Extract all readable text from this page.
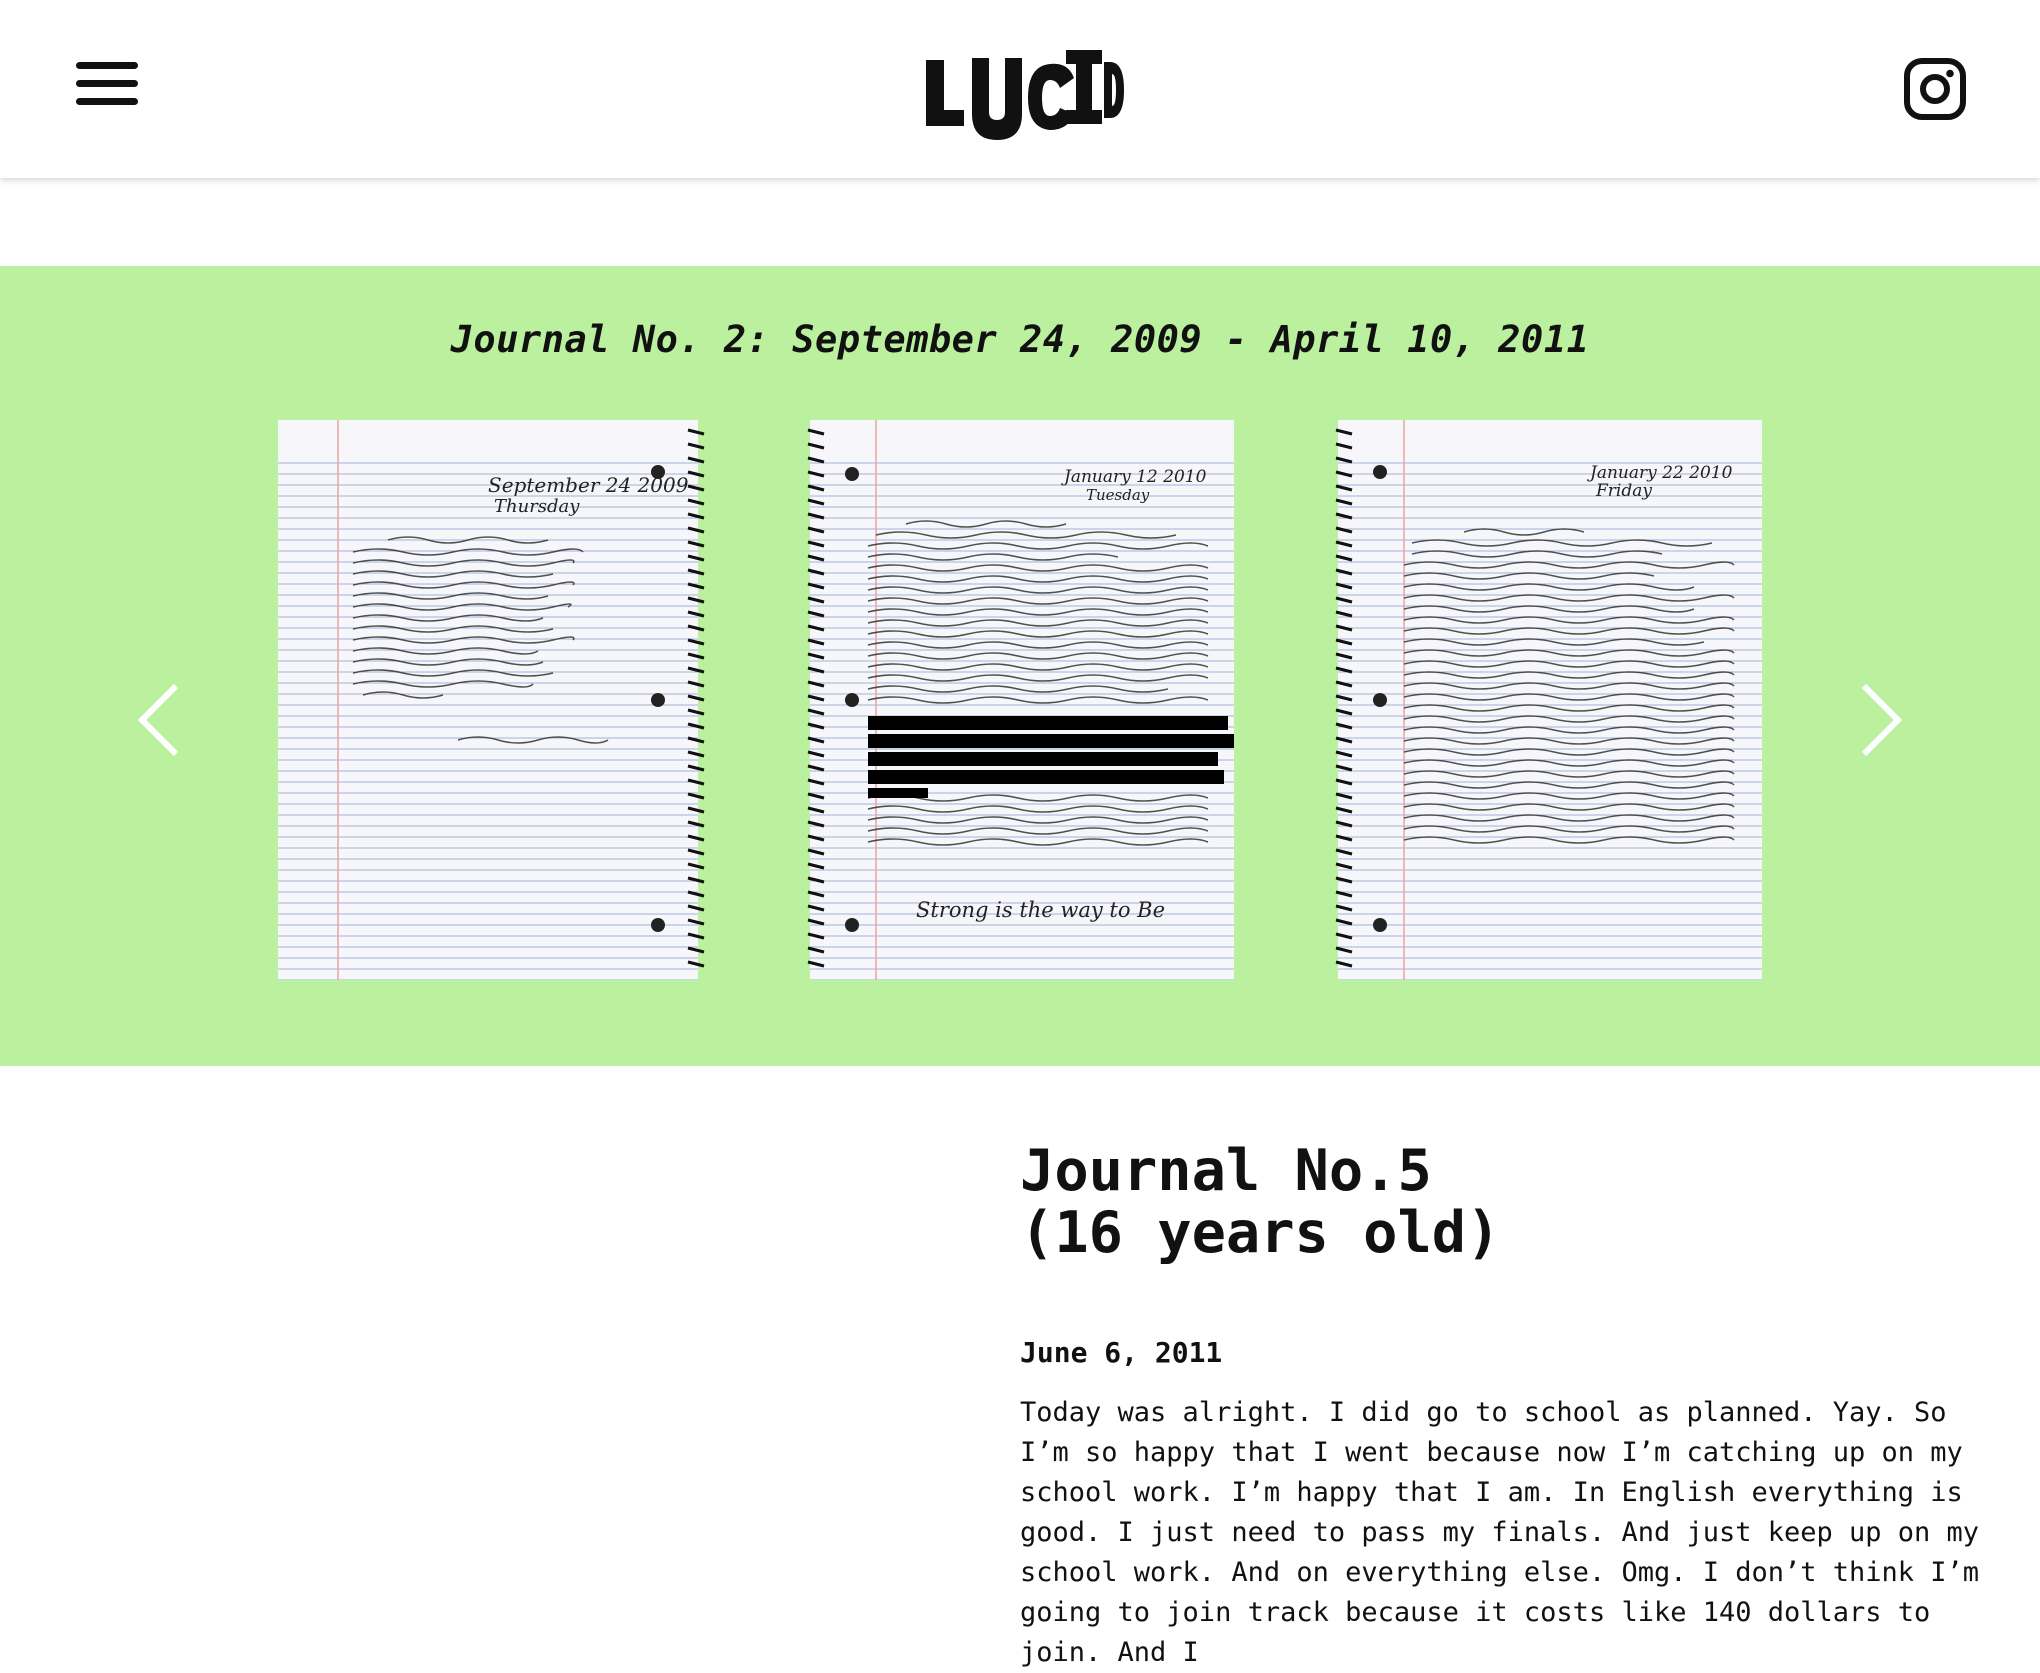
Journal No. 2: September 24, 2009 - April 10, 2011
September 24 2009
Thursday
January 12 2010
Tuesday
Strong is the way to Be
January 22 2010
Friday
Journal No.5
(16 years old)
June 6, 2011
Today was alright. I did go to school as planned. Yay. So I’m so happy that I went because now I’m catching up on my school work. I’m happy that I am. In English everything is good. I just need to pass my finals. And just keep up on my school work. And on everything else. Omg. I don’t think I’m going to join track because it costs like 140 dollars to join. And I
